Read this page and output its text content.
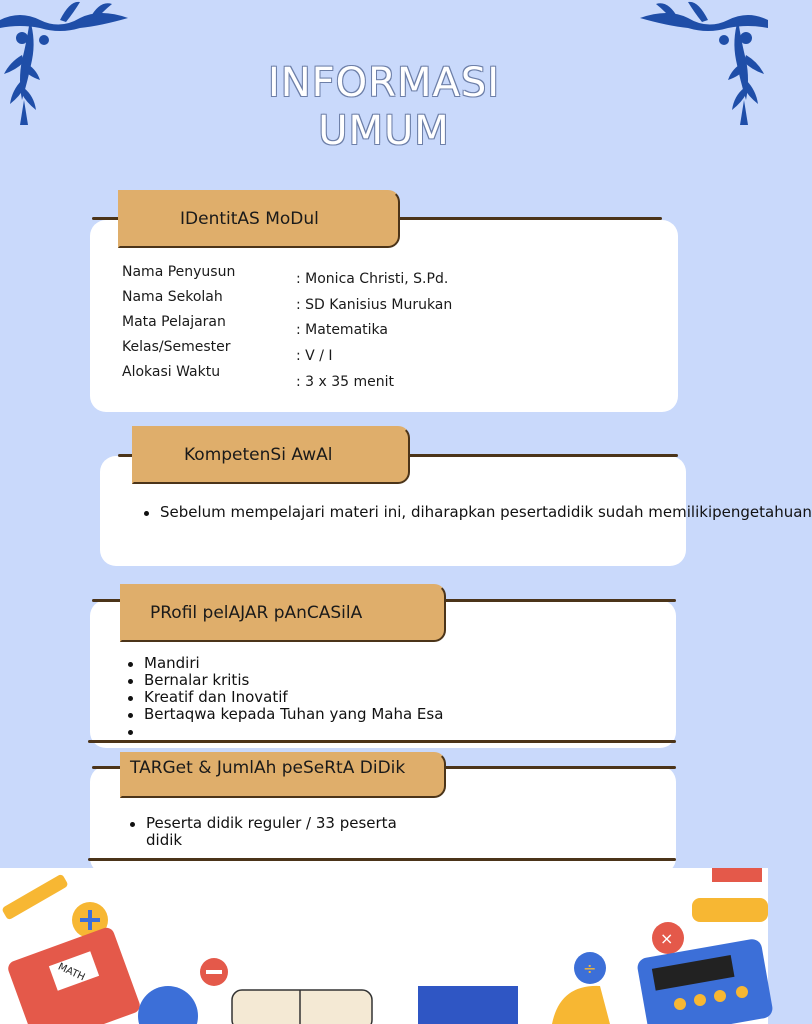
INFORMASI
UMUM
IDentitAS MoDul
Nama Penyusun
Nama Sekolah
Mata Pelajaran
Kelas/Semester
Alokasi Waktu
: Monica Christi, S.Pd.
: SD Kanisius Murukan
: Matematika
: V / I
: 3 x 35 menit
Sebelum mempelajari materi ini, diharapkan pesertadidik sudah memilikipengetahuan
KompetenSi AwAl
PRofil pelAJAR pAnCASilA
Mandiri
Bernalar kritis
Kreatif dan Inovatif
Bertaqwa kepada Tuhan yang Maha Esa
TARGet & JumlAh peSeRtA DiDik
Peserta didik reguler / 33 peserta didik
MATH	÷
×
